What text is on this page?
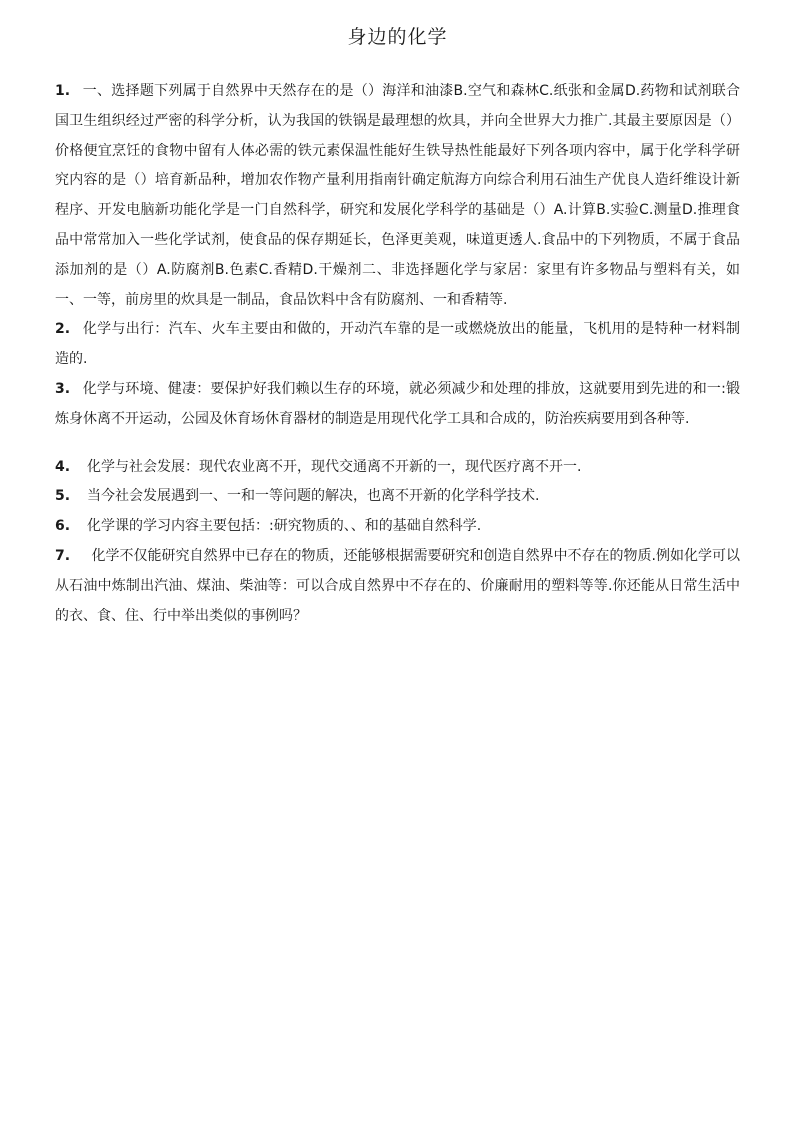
身边的化学
1. 一、选择题下列属于自然界中天然存在的是（）海洋和油漆B.空气和森林C.纸张和金属D.药物和试剂联合国卫生组织经过严密的科学分析，认为我国的铁锅是最理想的炊具，并向全世界大力推广.其最主要原因是（）价格便宜烹饪的食物中留有人体必需的铁元素保温性能好生铁导热性能最好下列各项内容中，属于化学科学研究内容的是（）培育新品种，增加农作物产量利用指南针确定航海方向综合利用石油生产优良人造纤维设计新程序、开发电脑新功能化学是一门自然科学，研究和发展化学科学的基础是（）A.计算B.实验C.测量D.推理食品中常常加入一些化学试剂，使食品的保存期延长，色泽更美观，味道更透人.食品中的下列物质，不属于食品添加剂的是（）A.防腐剂B.色素C.香精D.干燥剂二、非选择题化学与家居：家里有许多物品与塑料有关，如一、一等，前房里的炊具是一制品，食品饮料中含有防腐剂、一和香精等.
2. 化学与出行：汽车、火车主要由和做的，开动汽车靠的是一或燃烧放出的能量，飞机用的是特种一材料制造的.
3. 化学与环境、健凄：要保护好我们赖以生存的环境，就必须减少和处理的排放，这就要用到先进的和一:锻炼身休离不开运动，公园及休育场休育器材的制造是用现代化学工具和合成的，防治疾病要用到各种等.
4.	化学与社会发展：现代农业离不开，现代交通离不开新的一，现代医疗离不开一.
5.	当今社会发展遇到一、一和一等问题的解决，也离不开新的化学科学技术.
6.	化学课的学习内容主要包括：:研究物质的、、和的基础自然科学.
7. 化学不仅能研究自然界中已存在的物质，还能够根据需要研究和创造自然界中不存在的物质.例如化学可以从石油中炼制出汽油、煤油、柴油等：可以合成自然界中不存在的、价廉耐用的塑料等等.你还能从日常生活中的衣、食、住、行中举出类似的事例吗？
